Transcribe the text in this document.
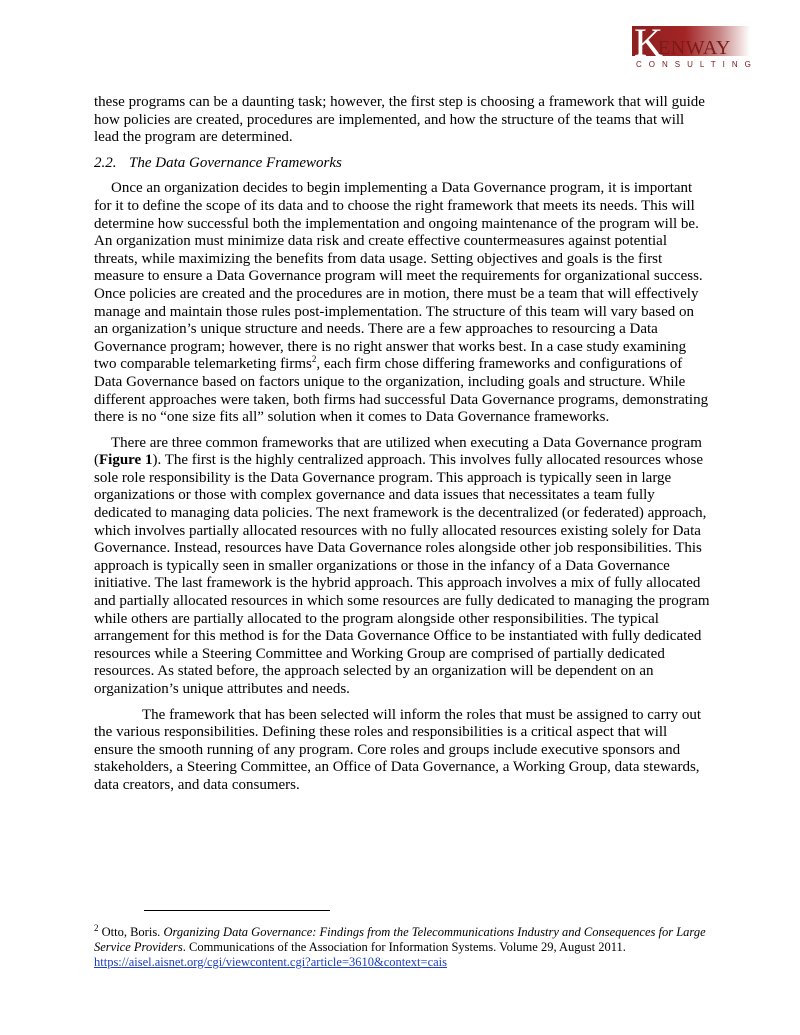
K
ENWAY
CONSULTING

these programs can be a daunting task; however, the first step is choosing a framework that will guide how policies are created, procedures are implemented, and how the structure of the teams that will lead the program are determined.

2.2. The Data Governance Frameworks

Once an organization decides to begin implementing a Data Governance program, it is important for it to define the scope of its data and to choose the right framework that meets its needs. This will determine how successful both the implementation and ongoing maintenance of the program will be. An organization must minimize data risk and create effective countermeasures against potential threats, while maximizing the benefits from data usage. Setting objectives and goals is the first measure to ensure a Data Governance program will meet the requirements for organizational success. Once policies are created and the procedures are in motion, there must be a team that will effectively manage and maintain those rules post-implementation. The structure of this team will vary based on an organization’s unique structure and needs. There are a few approaches to resourcing a Data Governance program; however, there is no right answer that works best. In a case study examining two comparable telemarketing firms$^2$, each firm chose differing frameworks and configurations of Data Governance based on factors unique to the organization, including goals and structure. While different approaches were taken, both firms had successful Data Governance programs, demonstrating there is no “one size fits all” solution when it comes to Data Governance frameworks.

There are three common frameworks that are utilized when executing a Data Governance program (Figure 1). The first is the highly centralized approach. This involves fully allocated resources whose sole role responsibility is the Data Governance program. This approach is typically seen in large organizations or those with complex governance and data issues that necessitates a team fully dedicated to managing data policies. The next framework is the decentralized (or federated) approach, which involves partially allocated resources with no fully allocated resources existing solely for Data Governance. Instead, resources have Data Governance roles alongside other job responsibilities. This approach is typically seen in smaller organizations or those in the infancy of a Data Governance initiative. The last framework is the hybrid approach. This approach involves a mix of fully allocated and partially allocated resources in which some resources are fully dedicated to managing the program while others are partially allocated to the program alongside other responsibilities. The typical arrangement for this method is for the Data Governance Office to be instantiated with fully dedicated resources while a Steering Committee and Working Group are comprised of partially dedicated resources. As stated before, the approach selected by an organization will be dependent on an organization’s unique attributes and needs.

The framework that has been selected will inform the roles that must be assigned to carry out the various responsibilities. Defining these roles and responsibilities is a critical aspect that will ensure the smooth running of any program. Core roles and groups include executive sponsors and stakeholders, a Steering Committee, an Office of Data Governance, a Working Group, data stewards, data creators, and data consumers.

$^2$ Otto, Boris. Organizing Data Governance: Findings from the Telecommunications Industry and Consequences for Large Service Providers. Communications of the Association for Information Systems. Volume 29, August 2011.
https://aisel.aisnet.org/cgi/viewcontent.cgi?article=3610&context=cais
